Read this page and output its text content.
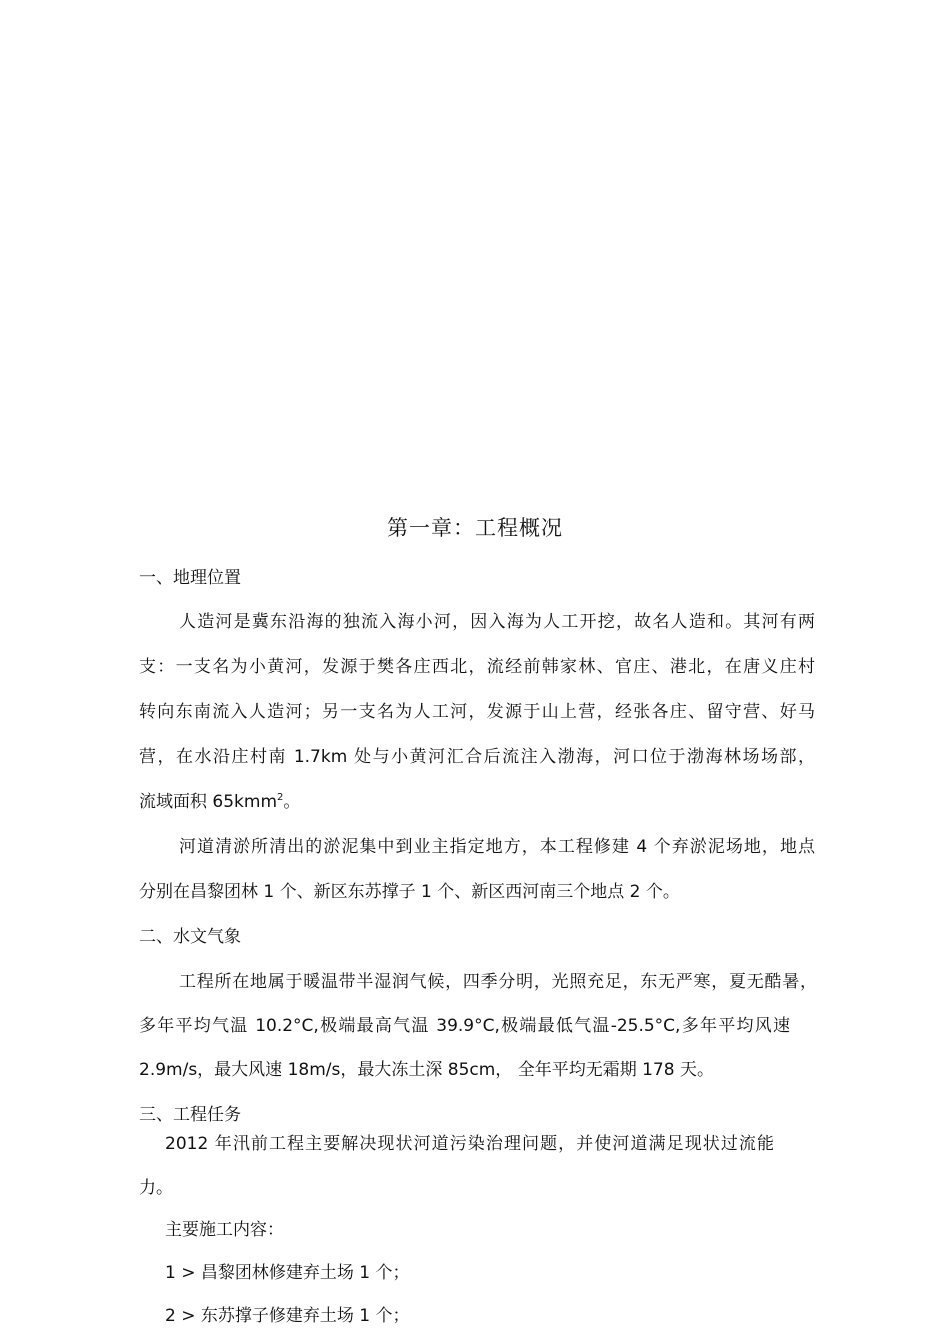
第一章：工程概况
一、地理位置
人造河是冀东沿海的独流入海小河，因入海为人工开挖，故名人造和。其河有两
支：一支名为小黄河，发源于樊各庄西北，流经前韩家林、官庄、港北，在唐义庄村
转向东南流入人造河；另一支名为人工河，发源于山上营，经张各庄、留守营、好马
营，在水沿庄村南 1.7km 处与小黄河汇合后流注入渤海，河口位于渤海林场场部，
流域面积 65kmm$^2$。
河道清淤所清出的淤泥集中到业主指定地方，本工程修建 4 个弃淤泥场地，地点
分别在昌黎团林 1 个、新区东苏撑子 1 个、新区西河南三个地点 2 个。
二、水文气象
工程所在地属于暖温带半湿润气候，四季分明，光照充足，东无严寒，夏无酷暑，
多年平均气温 10.2°C,极端最高气温 39.9°C,极端最低气温-25.5°C,多年平均风速
2.9m/s，最大风速 18m/s，最大冻土深 85cm， 全年平均无霜期 178 天。
三、工程任务
2012 年汛前工程主要解决现状河道污染治理问题，并使河道满足现状过流能
力。
主要施工内容：
1 > 昌黎团林修建弃土场 1 个；
2 > 东苏撑子修建弃土场 1 个；
